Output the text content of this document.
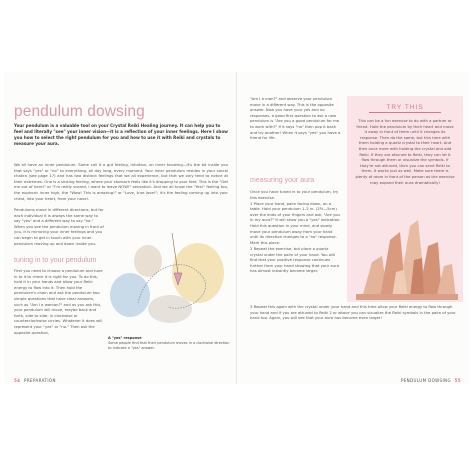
pendulum dowsing
Your pendulum is a valuable tool on your Crystal Reiki Healing journey. It can help you to feel and literally "see" your inner vision—it is a reflection of your inner feelings. Here I show you how to select the right pendulum for you and how to use it with Reiki and crystals to measure your aura.
We all have an inner pendulum. Some call it a gut feeling, intuition, an inner knowing—it's the bit inside you that says "yes" or "no" to everything, all day long, every moment. Your inner pendulum resides in your sacral chakra (see page 17) and has two distinct feelings that we all experience, but that we only tend to notice at their extremes. One is a sinking feeling, where your stomach feels like it's dropping to your feet. This is the "Get me out of here!" or "I'm really scared, I want to leave NOW!" sensation. And we all know the "Yes!" feeling too, the euphoric inner high, the "Wow! This is amazing!" or "Love, true love!"; it's the feeling coming up into your chest, into your heart, from your navel.
Pendulums move in different directions, but for each individual it is always the same way to say "yes" and a different way to say "no." When you see the pendulum moving in front of you, it is mirroring your inner feelings and you can begin to get in touch with your inner pendulum moving up and down inside you.
tuning in to your pendulum
First you need to choose a pendulum and tune in to it to check it is right for you. To do this, hold it in your hands and allow your Reiki energy to flow into it. Then hold the pendulum's chain and ask the pendulum two simple questions that have clear answers, such as "Am I a woman?" and as you ask this, your pendulum will move, maybe back and forth, side to side, in clockwise or counterclockwise circles. Whatever it does will represent your "yes" or "no." Then ask the opposite question,
A "yes" response
Some people find that their pendulum moves in a clockwise direction to indicate a "yes" answer.
54 PREPARATION
"Am I a man?" and observe your pendulum move in a different way. This is the opposite answer. Now you have your yes and no responses, a good first question to ask a new pendulum is "Are you a good pendulum for me to work with?" If it says "no" then pop it back and try another! When it says "yes" you have a friend for life.
measuring your aura

Once you have tuned in to your pendulum, try this exercise.

1 Place your hand, palm facing down, on a table. Hold your pendulum 1–2 in. (2½—5cm) over the ends of your fingers and ask, "Are you in my aura?" It will show you a "yes" indication. Hold this question in your mind, and slowly move your pendulum away from your hand until its direction changes to a "no" response. Mark this place.

2 Repeat the exercise, but place a quartz crystal under the palm of your hand. You will find that your positive response continues further from your hand showing that your aura has almost instantly become larger.

3 Repeat this again with the crystal under your hand and this time allow your Reiki energy to flow through your hand and if you are attuned to Reiki 2 or above you can visualize the Reiki symbols in the palm of your hand too. Again, you will see that your aura has become even larger!
TRY THIS
This can be a fun exercise to do with a partner or friend. Hold the pendulum by their heart and move it away in front of them until it changes its response. Then do the same, but this time with them holding a quartz crystal to their heart. And then once more with holding the crystal and add Reiki. If they are attuned to Reiki, they can let it flow through them or visualize the symbols. If they're not attuned, then you can send Reiki to them. It works just as well. Make sure there is plenty of room in front of the person as the exercise may expand their aura dramatically!
PENDULUM DOWSING 55
